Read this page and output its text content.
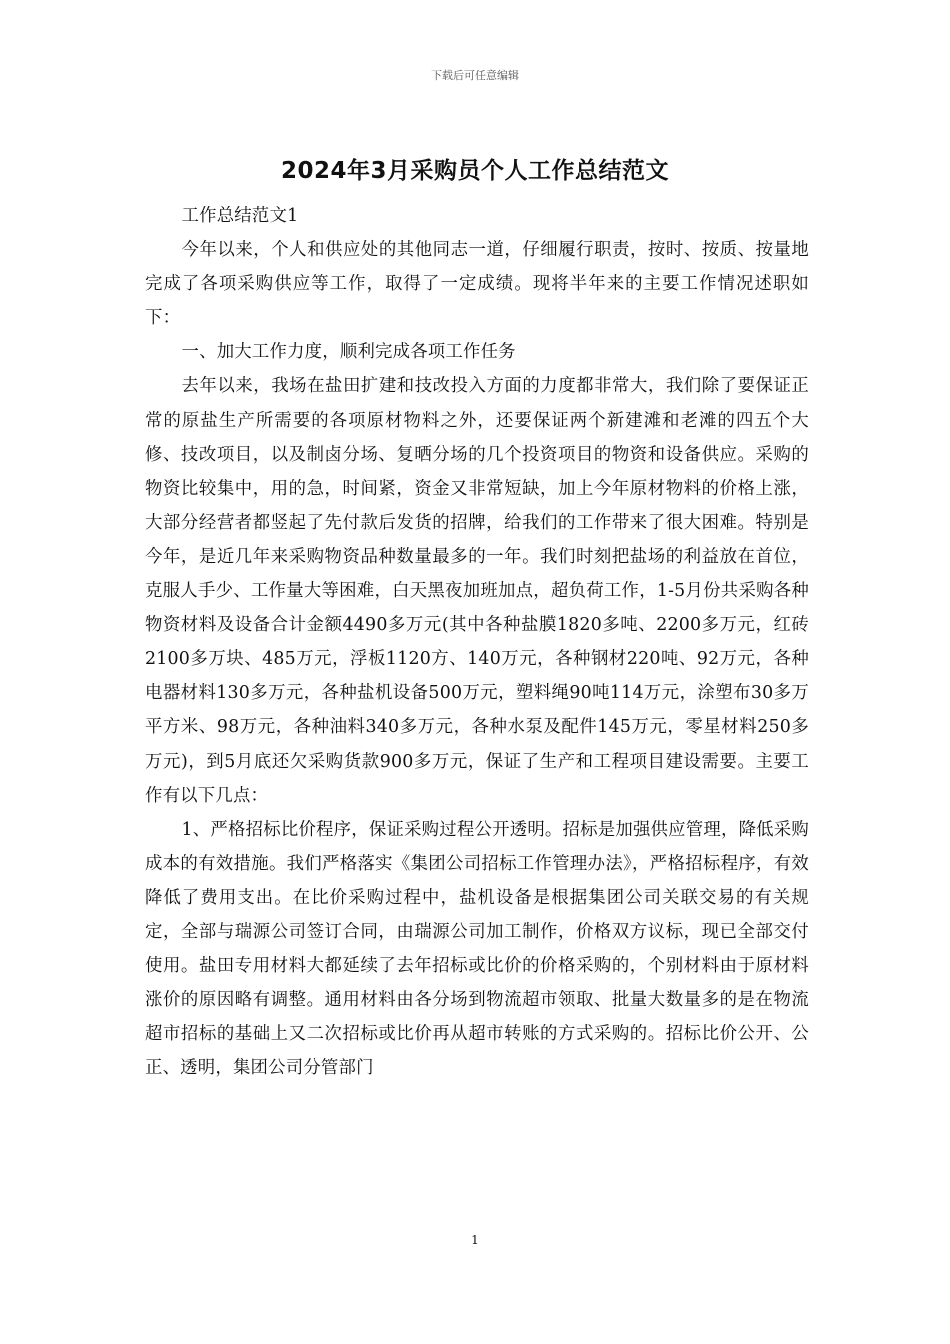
下载后可任意编辑
2024年3月采购员个人工作总结范文

工作总结范文1

今年以来，个人和供应处的其他同志一道，仔细履行职责，按时、按质、按量地完成了各项采购供应等工作，取得了一定成绩。现将半年来的主要工作情况述职如下：

一、加大工作力度，顺利完成各项工作任务

去年以来，我场在盐田扩建和技改投入方面的力度都非常大，我们除了要保证正常的原盐生产所需要的各项原材物料之外，还要保证两个新建滩和老滩的四五个大修、技改项目，以及制卤分场、复晒分场的几个投资项目的物资和设备供应。采购的物资比较集中，用的急，时间紧，资金又非常短缺，加上今年原材物料的价格上涨，大部分经营者都竖起了先付款后发货的招牌，给我们的工作带来了很大困难。特别是今年，是近几年来采购物资品种数量最多的一年。我们时刻把盐场的利益放在首位，克服人手少、工作量大等困难，白天黑夜加班加点，超负荷工作，1-5月份共采购各种物资材料及设备合计金额4490多万元(其中各种盐膜1820多吨、2200多万元，红砖2100多万块、485万元，浮板1120方、140万元，各种钢材220吨、92万元，各种电器材料130多万元，各种盐机设备500万元，塑料绳90吨114万元，涂塑布30多万平方米、98万元，各种油料340多万元，各种水泵及配件145万元，零星材料250多万元)，到5月底还欠采购货款900多万元，保证了生产和工程项目建设需要。主要工作有以下几点：

1、严格招标比价程序，保证采购过程公开透明。招标是加强供应管理，降低采购成本的有效措施。我们严格落实《集团公司招标工作管理办法》，严格招标程序，有效降低了费用支出。在比价采购过程中，盐机设备是根据集团公司关联交易的有关规定，全部与瑞源公司签订合同，由瑞源公司加工制作，价格双方议标，现已全部交付使用。盐田专用材料大都延续了去年招标或比价的价格采购的，个别材料由于原材料涨价的原因略有调整。通用材料由各分场到物流超市领取、批量大数量多的是在物流超市招标的基础上又二次招标或比价再从超市转账的方式采购的。招标比价公开、公正、透明，集团公司分管部门

1
